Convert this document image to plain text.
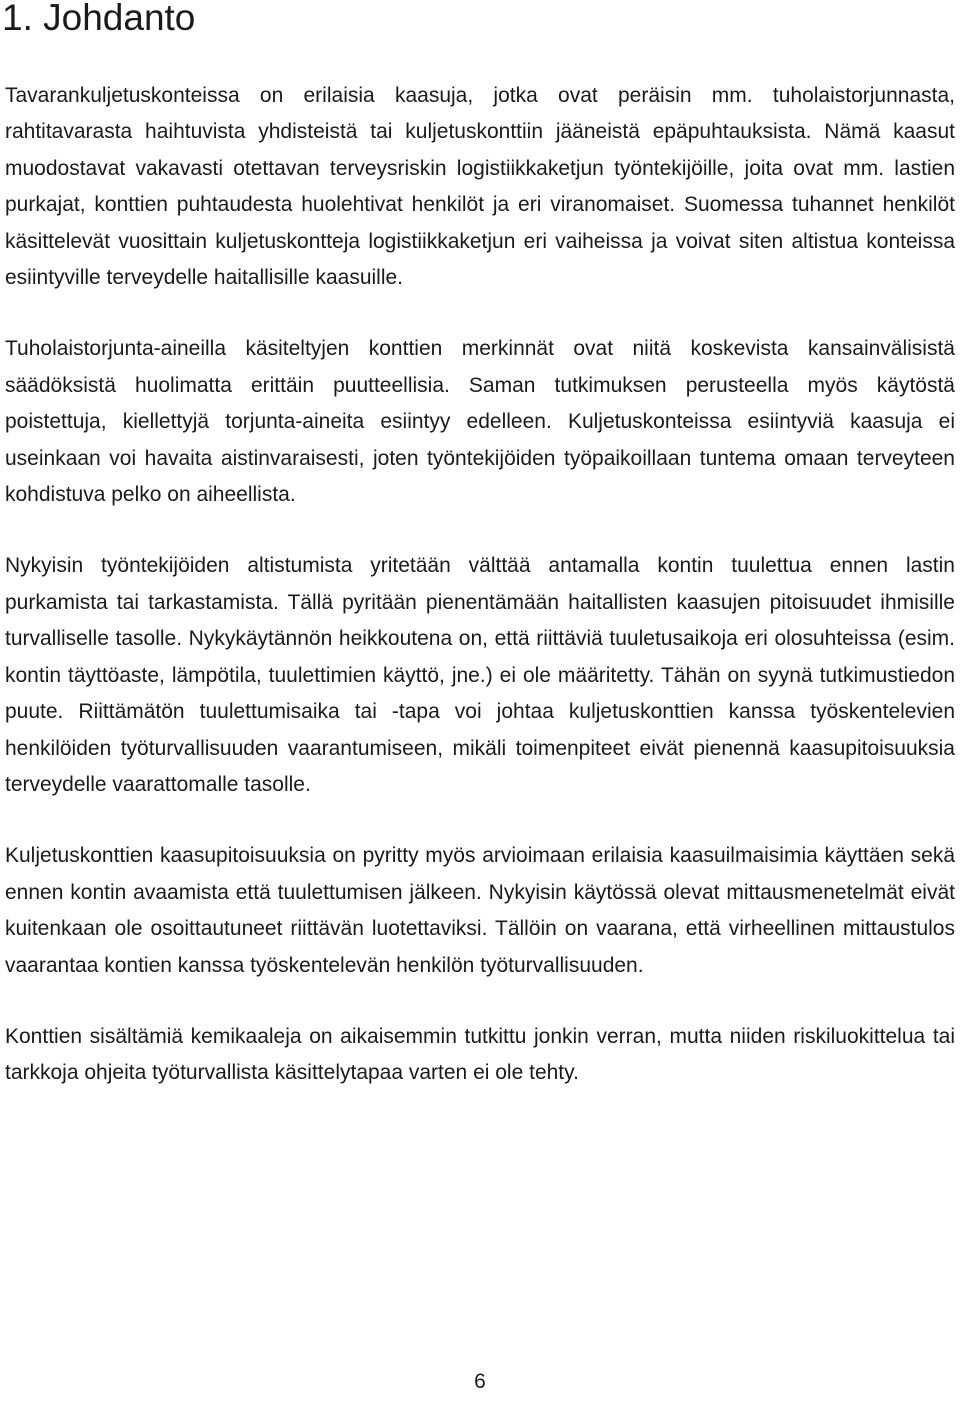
1. Johdanto

Tavarankuljetuskonteissa on erilaisia kaasuja, jotka ovat peräisin mm. tuholaistorjunnasta, rahtitavarasta haihtuvista yhdisteistä tai kuljetuskonttiin jääneistä epäpuhtauksista. Nämä kaasut muodostavat vakavasti otettavan terveysriskin logistiikkaketjun työntekijöille, joita ovat mm. lastien purkajat, konttien puhtaudesta huolehtivat henkilöt ja eri viranomaiset. Suomessa tuhannet henkilöt käsittelevät vuosittain kuljetuskontteja logistiikkaketjun eri vaiheissa ja voivat siten altistua konteissa esiintyville terveydelle haitallisille kaasuille.

Tuholaistorjunta-aineilla käsiteltyjen konttien merkinnät ovat niitä koskevista kansainvälisistä säädöksistä huolimatta erittäin puutteellisia. Saman tutkimuksen perusteella myös käytöstä poistettuja, kiellettyjä torjunta-aineita esiintyy edelleen. Kuljetuskonteissa esiintyviä kaasuja ei useinkaan voi havaita aistinvaraisesti, joten työntekijöiden työpaikoillaan tuntema omaan terveyteen kohdistuva pelko on aiheellista.

Nykyisin työntekijöiden altistumista yritetään välttää antamalla kontin tuulettua ennen lastin purkamista tai tarkastamista. Tällä pyritään pienentämään haitallisten kaasujen pitoisuudet ihmisille turvalliselle tasolle. Nykykäytännön heikkoutena on, että riittäviä tuuletusaikoja eri olosuhteissa (esim. kontin täyttöaste, lämpötila, tuulettimien käyttö, jne.) ei ole määritetty. Tähän on syynä tutkimustiedon puute. Riittämätön tuulettumisaika tai -tapa voi johtaa kuljetuskonttien kanssa työskentelevien henkilöiden työturvallisuuden vaarantumiseen, mikäli toimenpiteet eivät pienennä kaasupitoisuuksia terveydelle vaarattomalle tasolle.

Kuljetuskonttien kaasupitoisuuksia on pyritty myös arvioimaan erilaisia kaasuilmaisimia käyttäen sekä ennen kontin avaamista että tuulettumisen jälkeen. Nykyisin käytössä olevat mittausmenetelmät eivät kuitenkaan ole osoittautuneet riittävän luotettaviksi. Tällöin on vaarana, että virheellinen mittaustulos vaarantaa kontien kanssa työskentelevän henkilön työturvallisuuden.

Konttien sisältämiä kemikaaleja on aikaisemmin tutkittu jonkin verran, mutta niiden riskiluokittelua tai tarkkoja ohjeita työturvallista käsittelytapaa varten ei ole tehty.

6
